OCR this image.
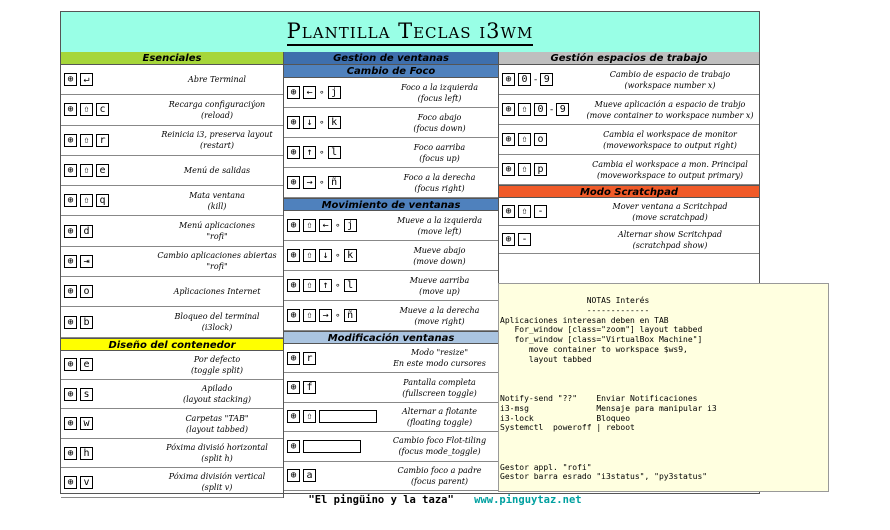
Plantilla Teclas i3wm
Esenciales
⊕ ↵	Abre Terminal
⊕ ⇧ c	Recarga configuraciýon
(reload)
⊕ ⇧ r	Reinicia i3, preserva layout
(restart)
⊕ ⇧ e	Menú de salidas
⊕ ⇧ q	Mata ventana
(kill)
⊕ d	Menú aplicaciones
"rofi"
⊕ ⇥	Cambio aplicaciones abiertas
"rofi"
⊕ o	Aplicaciones Internet
⊕ b	Bloqueo del terminal
(i3lock)
Diseño del contenedor
⊕ e	Por defecto
(toggle split)
⊕ s	Apilado
(layout stacking)
⊕ w	Carpetas "TAB"
(layout tabbed)
⊕ h	Póxima divisió horizontal
(split h)
⊕ v	Póxima división vertical
(split v)
Gestion de ventanas
Cambio de Foco
⊕ ← ∘ j	Foco a la izquierda
(focus left)
⊕ ↓ ∘ k	Foco abajo
(focus down)
⊕ ↑ ∘ l	Foco aarriba
(focus up)
⊕ → ∘ ñ	Foco a la derecha
(focus right)
Movimiento de ventanas
⊕ ⇧ ← ∘ j	Mueve a la izquierda
(move left)
⊕ ⇧ ↓ ∘ k	Mueve abajo
(move down)
⊕ ⇧ ↑ ∘ l	Mueve aarriba
(move up)
⊕ ⇧ → ∘ ñ	Mueve a la derecha
(move right)
Modificación ventanas
⊕ r	Modo "resize"
En este modo cursores
⊕ f	Pantalla completa
(fullscreen toggle)
⊕ ⇧	Alternar a flotante
(floating toggle)
⊕	Cambio foco Flot-tiling
(focus mode_toggle)
⊕ a	Cambio foco a padre
(focus parent)
Gestión espacios de trabajo
⊕ 0 - 9	Cambio de espacio de trabajo
(workspace number x)
⊕ ⇧ 0 - 9	Mueve aplicación a espacio de trabjo
(move container to workspace number x)
⊕ ⇧ o	Cambia el workspace de monitor
(moveworkspace to output right)
⊕ ⇧ p	Cambia el workspace a mon. Principal
(moveworkspace to output primary)
Modo Scratchpad
⊕ ⇧ -	Mover ventana a Scritchpad
(move scratchpad)
⊕ -	Alternar show Scritchpad
(scratchpad show)
NOTAS Interés
-------------
Aplicaciones interesan deben en TAB
For_window [class="zoom"] layout tabbed
for_window [class="VirtualBox Machine"]
move container to workspace $ws9,
layout tabbed

Notify-send "??"    Enviar Notificaciones
i3-msg              Mensaje para manipular i3
i3-lock             Bloqueo
Systemctl  poweroff | reboot

Gestor appl. "rofi"
Gestor barra esrado "i3status", "py3status"
"El pingüino y la taza" www.pinguytaz.net
